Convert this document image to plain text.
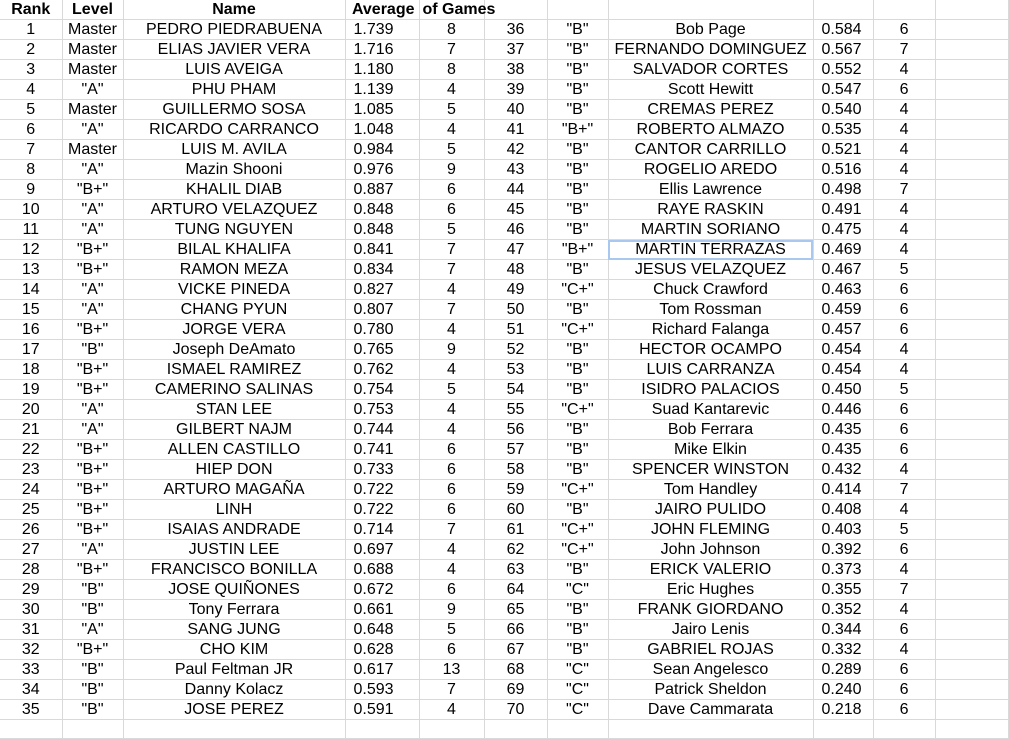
Rank	Level	Name	Average	of Games						
1	Master	PEDRO PIEDRABUENA	1.739	8	36	"B"	Bob Page	0.584	6	
2	Master	ELIAS JAVIER VERA	1.716	7	37	"B"	FERNANDO DOMINGUEZ	0.567	7	
3	Master	LUIS AVEIGA	1.180	8	38	"B"	SALVADOR CORTES	0.552	4	
4	"A"	PHU PHAM	1.139	4	39	"B"	Scott Hewitt	0.547	6	
5	Master	GUILLERMO SOSA	1.085	5	40	"B"	CREMAS PEREZ	0.540	4	
6	"A"	RICARDO CARRANCO	1.048	4	41	"B+"	ROBERTO ALMAZO	0.535	4	
7	Master	LUIS M. AVILA	0.984	5	42	"B"	CANTOR CARRILLO	0.521	4	
8	"A"	Mazin Shooni	0.976	9	43	"B"	ROGELIO AREDO	0.516	4	
9	"B+"	KHALIL DIAB	0.887	6	44	"B"	Ellis Lawrence	0.498	7	
10	"A"	ARTURO VELAZQUEZ	0.848	6	45	"B"	RAYE RASKIN	0.491	4	
11	"A"	TUNG NGUYEN	0.848	5	46	"B"	MARTIN SORIANO	0.475	4	
12	"B+"	BILAL KHALIFA	0.841	7	47	"B+"	MARTIN TERRAZAS	0.469	4	
13	"B+"	RAMON MEZA	0.834	7	48	"B"	JESUS VELAZQUEZ	0.467	5	
14	"A"	VICKE PINEDA	0.827	4	49	"C+"	Chuck Crawford	0.463	6	
15	"A"	CHANG PYUN	0.807	7	50	"B"	Tom Rossman	0.459	6	
16	"B+"	JORGE VERA	0.780	4	51	"C+"	Richard Falanga	0.457	6	
17	"B"	Joseph DeAmato	0.765	9	52	"B"	HECTOR OCAMPO	0.454	4	
18	"B+"	ISMAEL RAMIREZ	0.762	4	53	"B"	LUIS CARRANZA	0.454	4	
19	"B+"	CAMERINO SALINAS	0.754	5	54	"B"	ISIDRO PALACIOS	0.450	5	
20	"A"	STAN LEE	0.753	4	55	"C+"	Suad Kantarevic	0.446	6	
21	"A"	GILBERT NAJM	0.744	4	56	"B"	Bob Ferrara	0.435	6	
22	"B+"	ALLEN CASTILLO	0.741	6	57	"B"	Mike Elkin	0.435	6	
23	"B+"	HIEP DON	0.733	6	58	"B"	SPENCER WINSTON	0.432	4	
24	"B+"	ARTURO MAGAÑA	0.722	6	59	"C+"	Tom Handley	0.414	7	
25	"B+"	LINH	0.722	6	60	"B"	JAIRO PULIDO	0.408	4	
26	"B+"	ISAIAS ANDRADE	0.714	7	61	"C+"	JOHN FLEMING	0.403	5	
27	"A"	JUSTIN LEE	0.697	4	62	"C+"	John Johnson	0.392	6	
28	"B+"	FRANCISCO BONILLA	0.688	4	63	"B"	ERICK VALERIO	0.373	4	
29	"B"	JOSE QUIÑONES	0.672	6	64	"C"	Eric Hughes	0.355	7	
30	"B"	Tony Ferrara	0.661	9	65	"B"	FRANK GIORDANO	0.352	4	
31	"A"	SANG JUNG	0.648	5	66	"B"	Jairo Lenis	0.344	6	
32	"B+"	CHO KIM	0.628	6	67	"B"	GABRIEL ROJAS	0.332	4	
33	"B"	Paul Feltman JR	0.617	13	68	"C"	Sean Angelesco	0.289	6	
34	"B"	Danny Kolacz	0.593	7	69	"C"	Patrick Sheldon	0.240	6	
35	"B"	JOSE PEREZ	0.591	4	70	"C"	Dave Cammarata	0.218	6	
